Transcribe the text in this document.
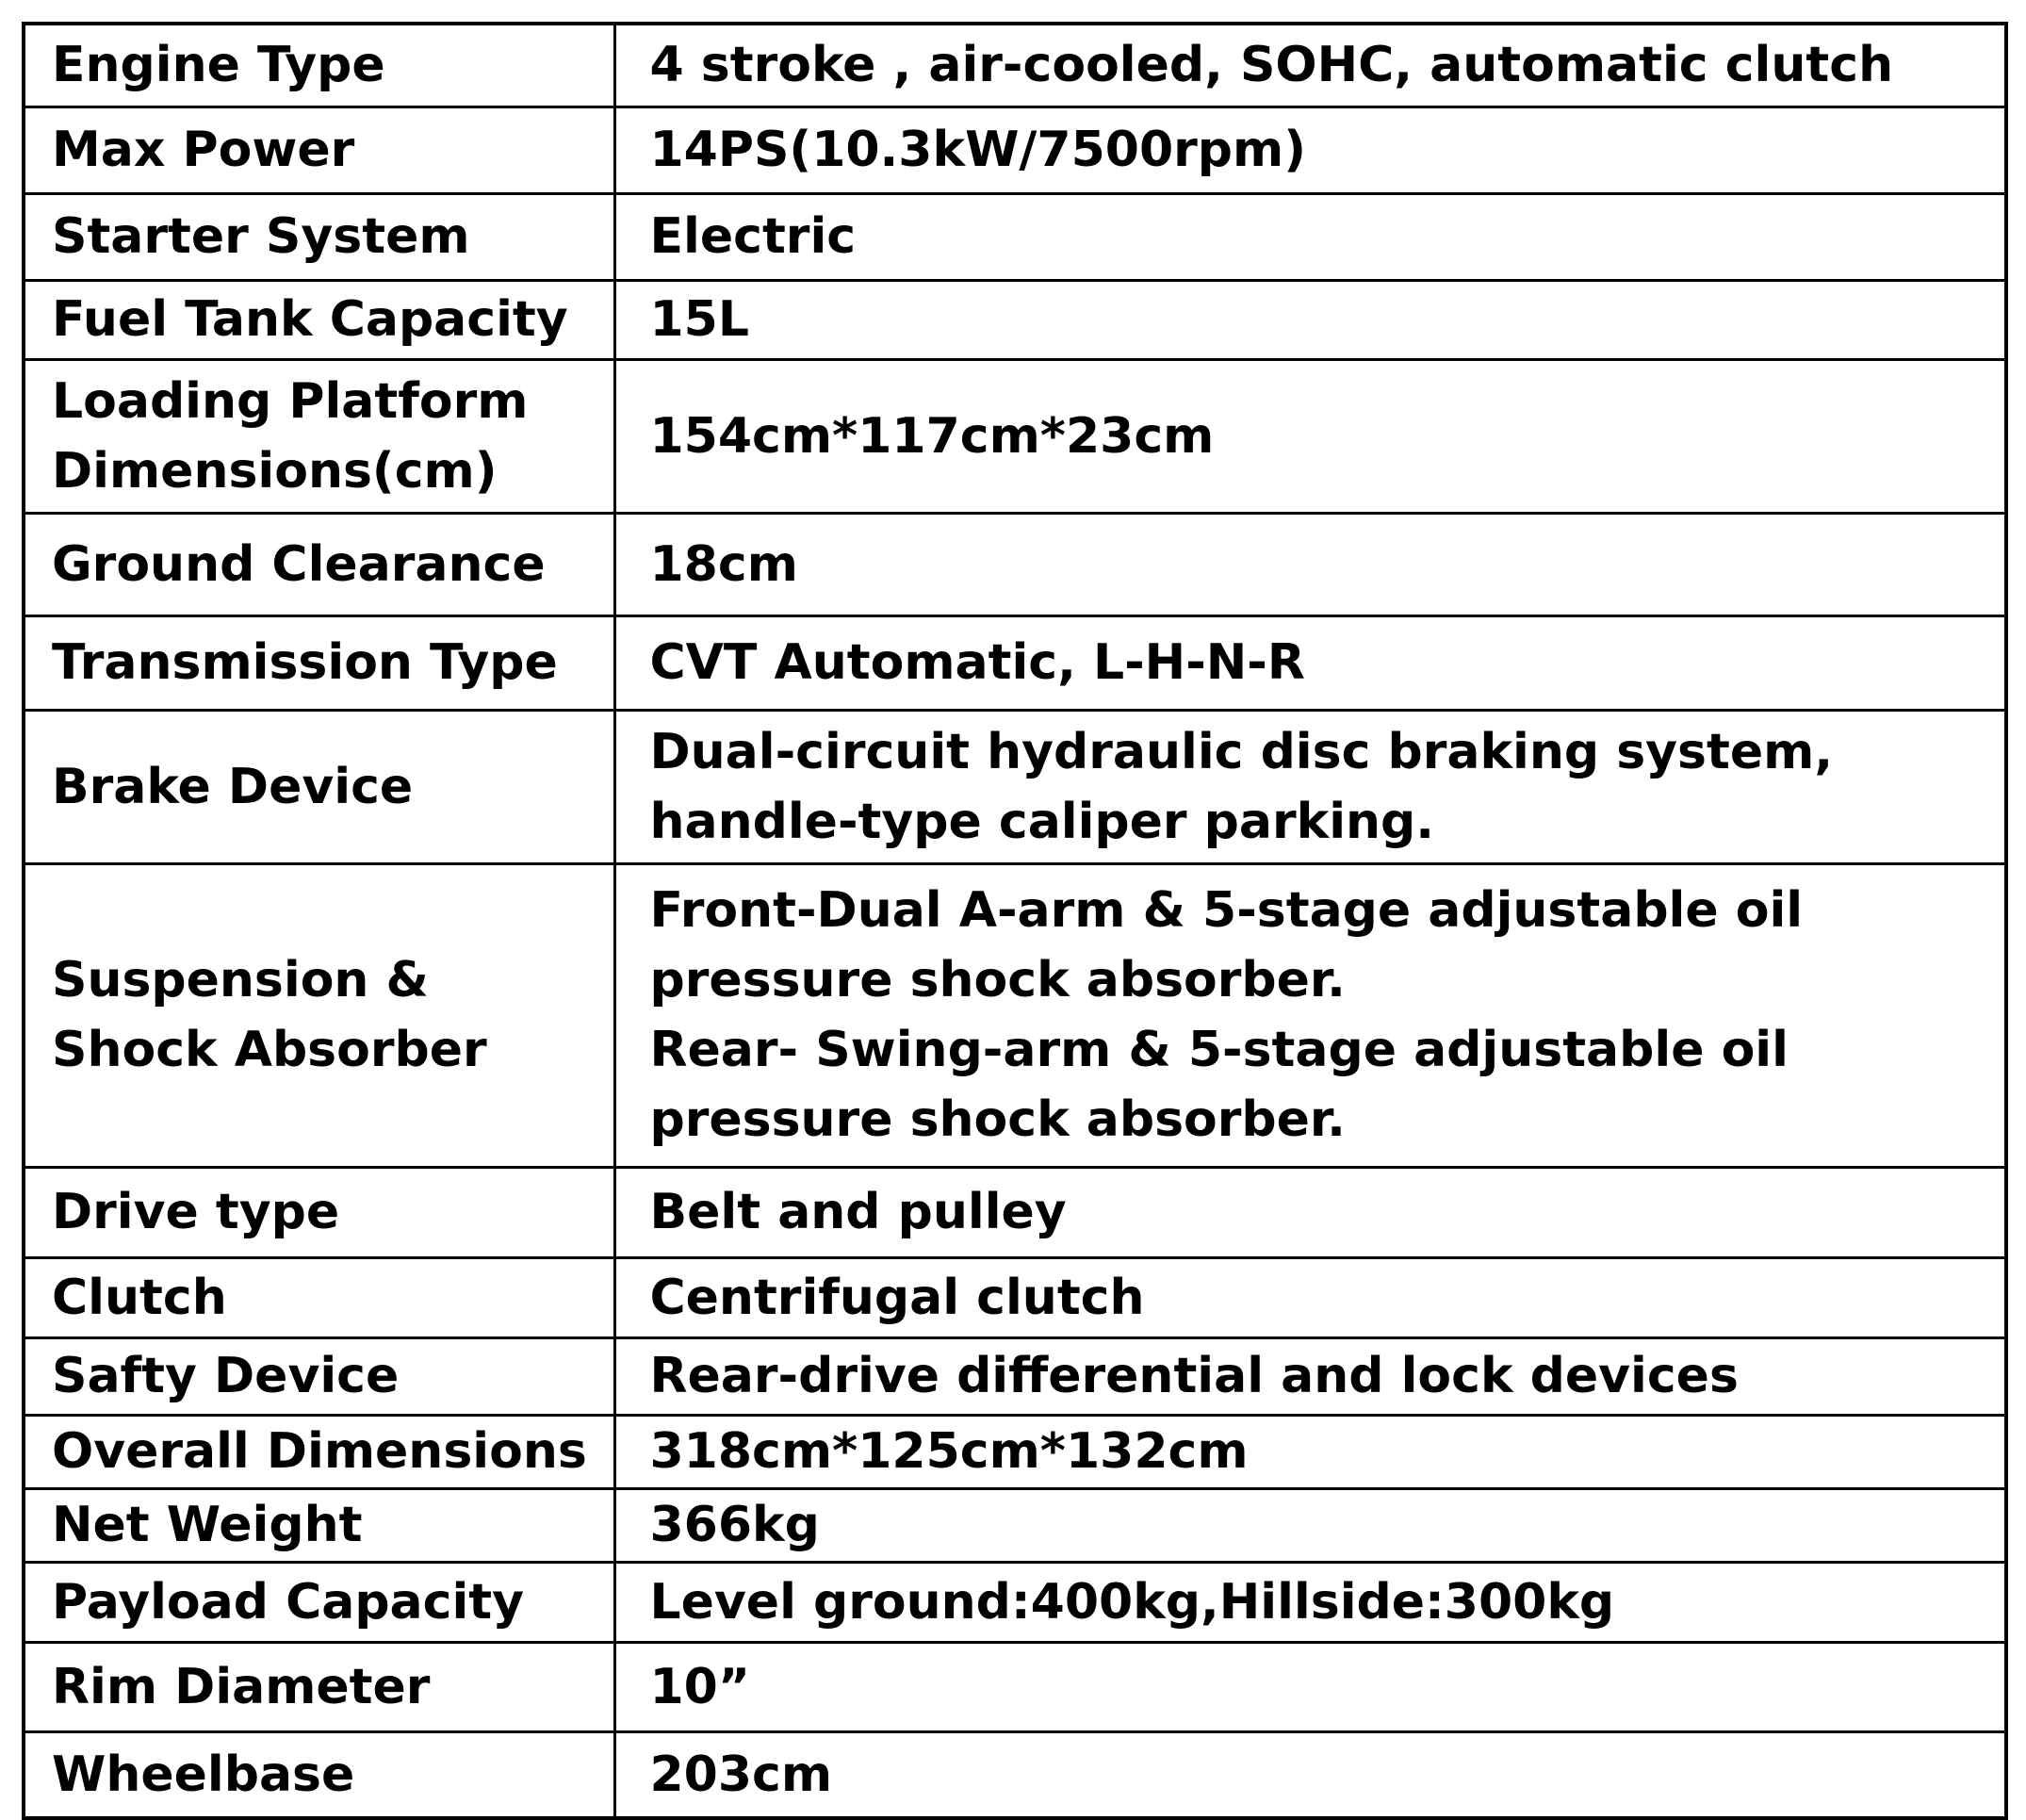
Engine Type	4 stroke , air-cooled, SOHC, automatic clutch
Max Power	14PS(10.3kW/7500rpm)
Starter System	Electric
Fuel Tank Capacity	15L
Loading Platform
Dimensions(cm)	154cm*117cm*23cm
Ground Clearance	18cm
Transmission Type	CVT Automatic, L-H-N-R
Brake Device	Dual-circuit hydraulic disc braking system,
handle-type caliper parking.
Suspension &
Shock Absorber	Front-Dual A-arm & 5-stage adjustable oil
pressure shock absorber.
Rear- Swing-arm & 5-stage adjustable oil
pressure shock absorber.
Drive type	Belt and pulley
Clutch	Centrifugal clutch
Safty Device	Rear-drive differential and lock devices
Overall Dimensions	318cm*125cm*132cm
Net Weight	366kg
Payload Capacity	Level ground:400kg,Hillside:300kg
Rim Diameter	10”
Wheelbase	203cm
